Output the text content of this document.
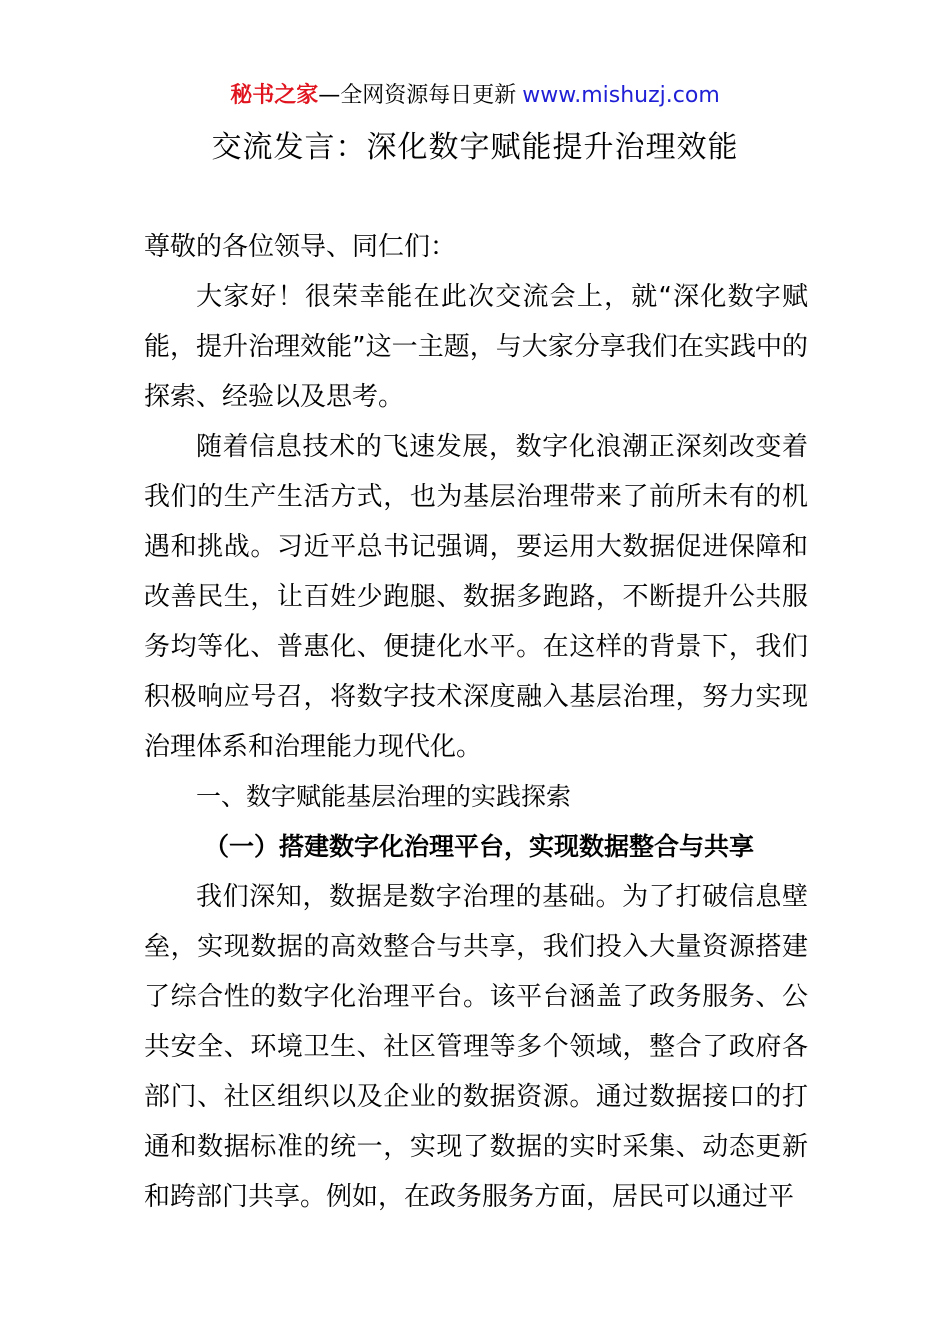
秘书之家—全网资源每日更新 www.mishuzj.com
交流发言：深化数字赋能提升治理效能

尊敬的各位领导、同仁们：

大家好！很荣幸能在此次交流会上，就“深化数字赋能，提升治理效能”这一主题，与大家分享我们在实践中的探索、经验以及思考。

随着信息技术的飞速发展，数字化浪潮正深刻改变着我们的生产生活方式，也为基层治理带来了前所未有的机遇和挑战。习近平总书记强调，要运用大数据促进保障和改善民生，让百姓少跑腿、数据多跑路，不断提升公共服务均等化、普惠化、便捷化水平。在这样的背景下，我们积极响应号召，将数字技术深度融入基层治理，努力实现治理体系和治理能力现代化。

一、数字赋能基层治理的实践探索

（一）搭建数字化治理平台，实现数据整合与共享

我们深知，数据是数字治理的基础。为了打破信息壁垒，实现数据的高效整合与共享，我们投入大量资源搭建了综合性的数字化治理平台。该平台涵盖了政务服务、公共安全、环境卫生、社区管理等多个领域，整合了政府各部门、社区组织以及企业的数据资源。通过数据接口的打通和数据标准的统一，实现了数据的实时采集、动态更新和跨部门共享。例如，在政务服务方面，居民可以通过平
